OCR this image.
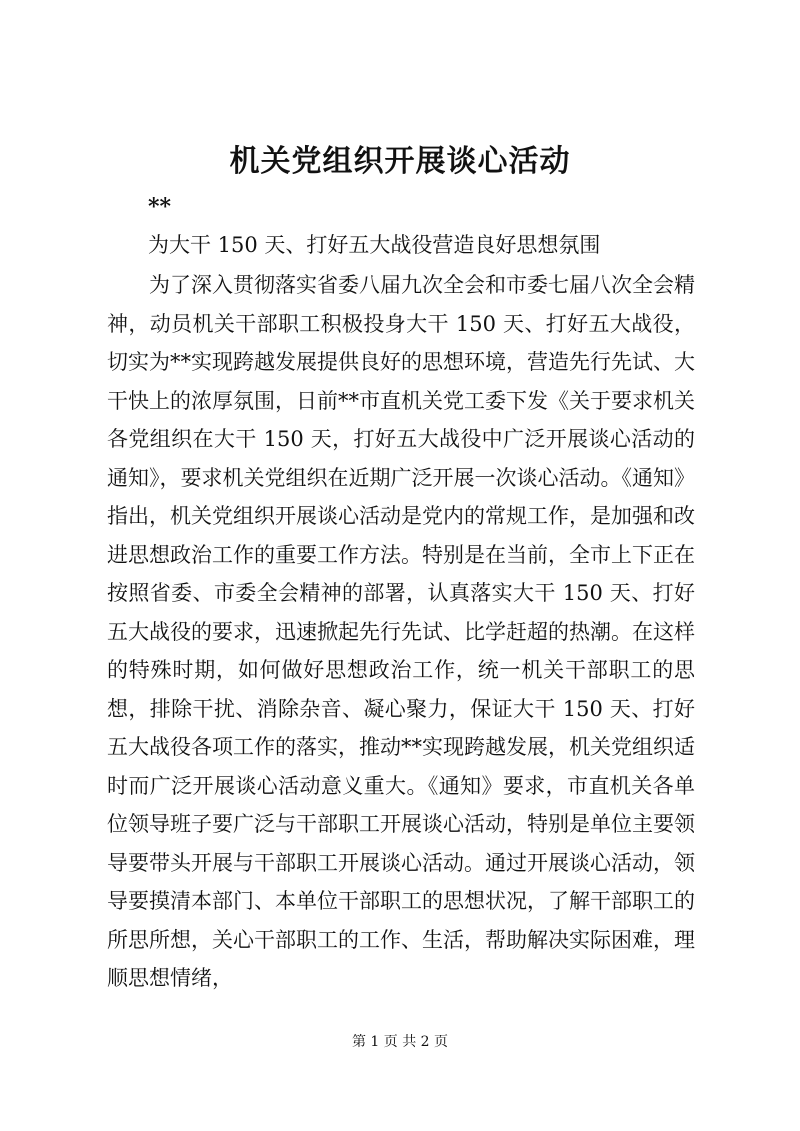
机关党组织开展谈心活动

**

为大干 150 天、打好五大战役营造良好思想氛围

为了深入贯彻落实省委八届九次全会和市委七届八次全会精神，动员机关干部职工积极投身大干 150 天、打好五大战役，切实为**实现跨越发展提供良好的思想环境，营造先行先试、大干快上的浓厚氛围，日前**市直机关党工委下发《关于要求机关各党组织在大干 150 天，打好五大战役中广泛开展谈心活动的通知》，要求机关党组织在近期广泛开展一次谈心活动。《通知》指出，机关党组织开展谈心活动是党内的常规工作，是加强和改进思想政治工作的重要工作方法。特别是在当前，全市上下正在按照省委、市委全会精神的部署，认真落实大干 150 天、打好五大战役的要求，迅速掀起先行先试、比学赶超的热潮。在这样的特殊时期，如何做好思想政治工作，统一机关干部职工的思想，排除干扰、消除杂音、凝心聚力，保证大干 150 天、打好五大战役各项工作的落实，推动**实现跨越发展，机关党组织适时而广泛开展谈心活动意义重大。《通知》要求，市直机关各单位领导班子要广泛与干部职工开展谈心活动，特别是单位主要领导要带头开展与干部职工开展谈心活动。通过开展谈心活动，领导要摸清本部门、本单位干部职工的思想状况，了解干部职工的所思所想，关心干部职工的工作、生活，帮助解决实际困难，理顺思想情绪，

第 1 页 共 2 页
